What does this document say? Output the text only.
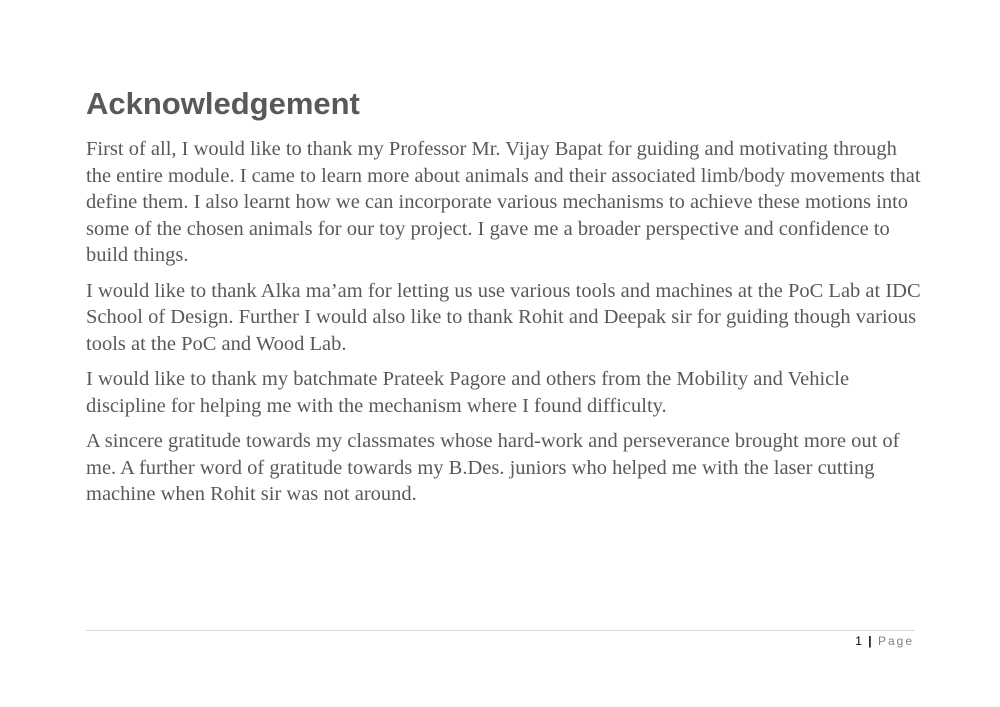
Acknowledgement

First of all, I would like to thank my Professor Mr. Vijay Bapat for guiding and motivating through the entire module. I came to learn more about animals and their associated limb/body movements that define them. I also learnt how we can incorporate various mechanisms to achieve these motions into some of the chosen animals for our toy project. I gave me a broader perspective and confidence to build things.

I would like to thank Alka ma’am for letting us use various tools and machines at the PoC Lab at IDC School of Design. Further I would also like to thank Rohit and Deepak sir for guiding though various tools at the PoC and Wood Lab.

I would like to thank my batchmate Prateek Pagore and others from the Mobility and Vehicle discipline for helping me with the mechanism where I found difficulty.

A sincere gratitude towards my classmates whose hard-work and perseverance brought more out of me. A further word of gratitude towards my B.Des. juniors who helped me with the laser cutting machine when Rohit sir was not around.

1 | Page
